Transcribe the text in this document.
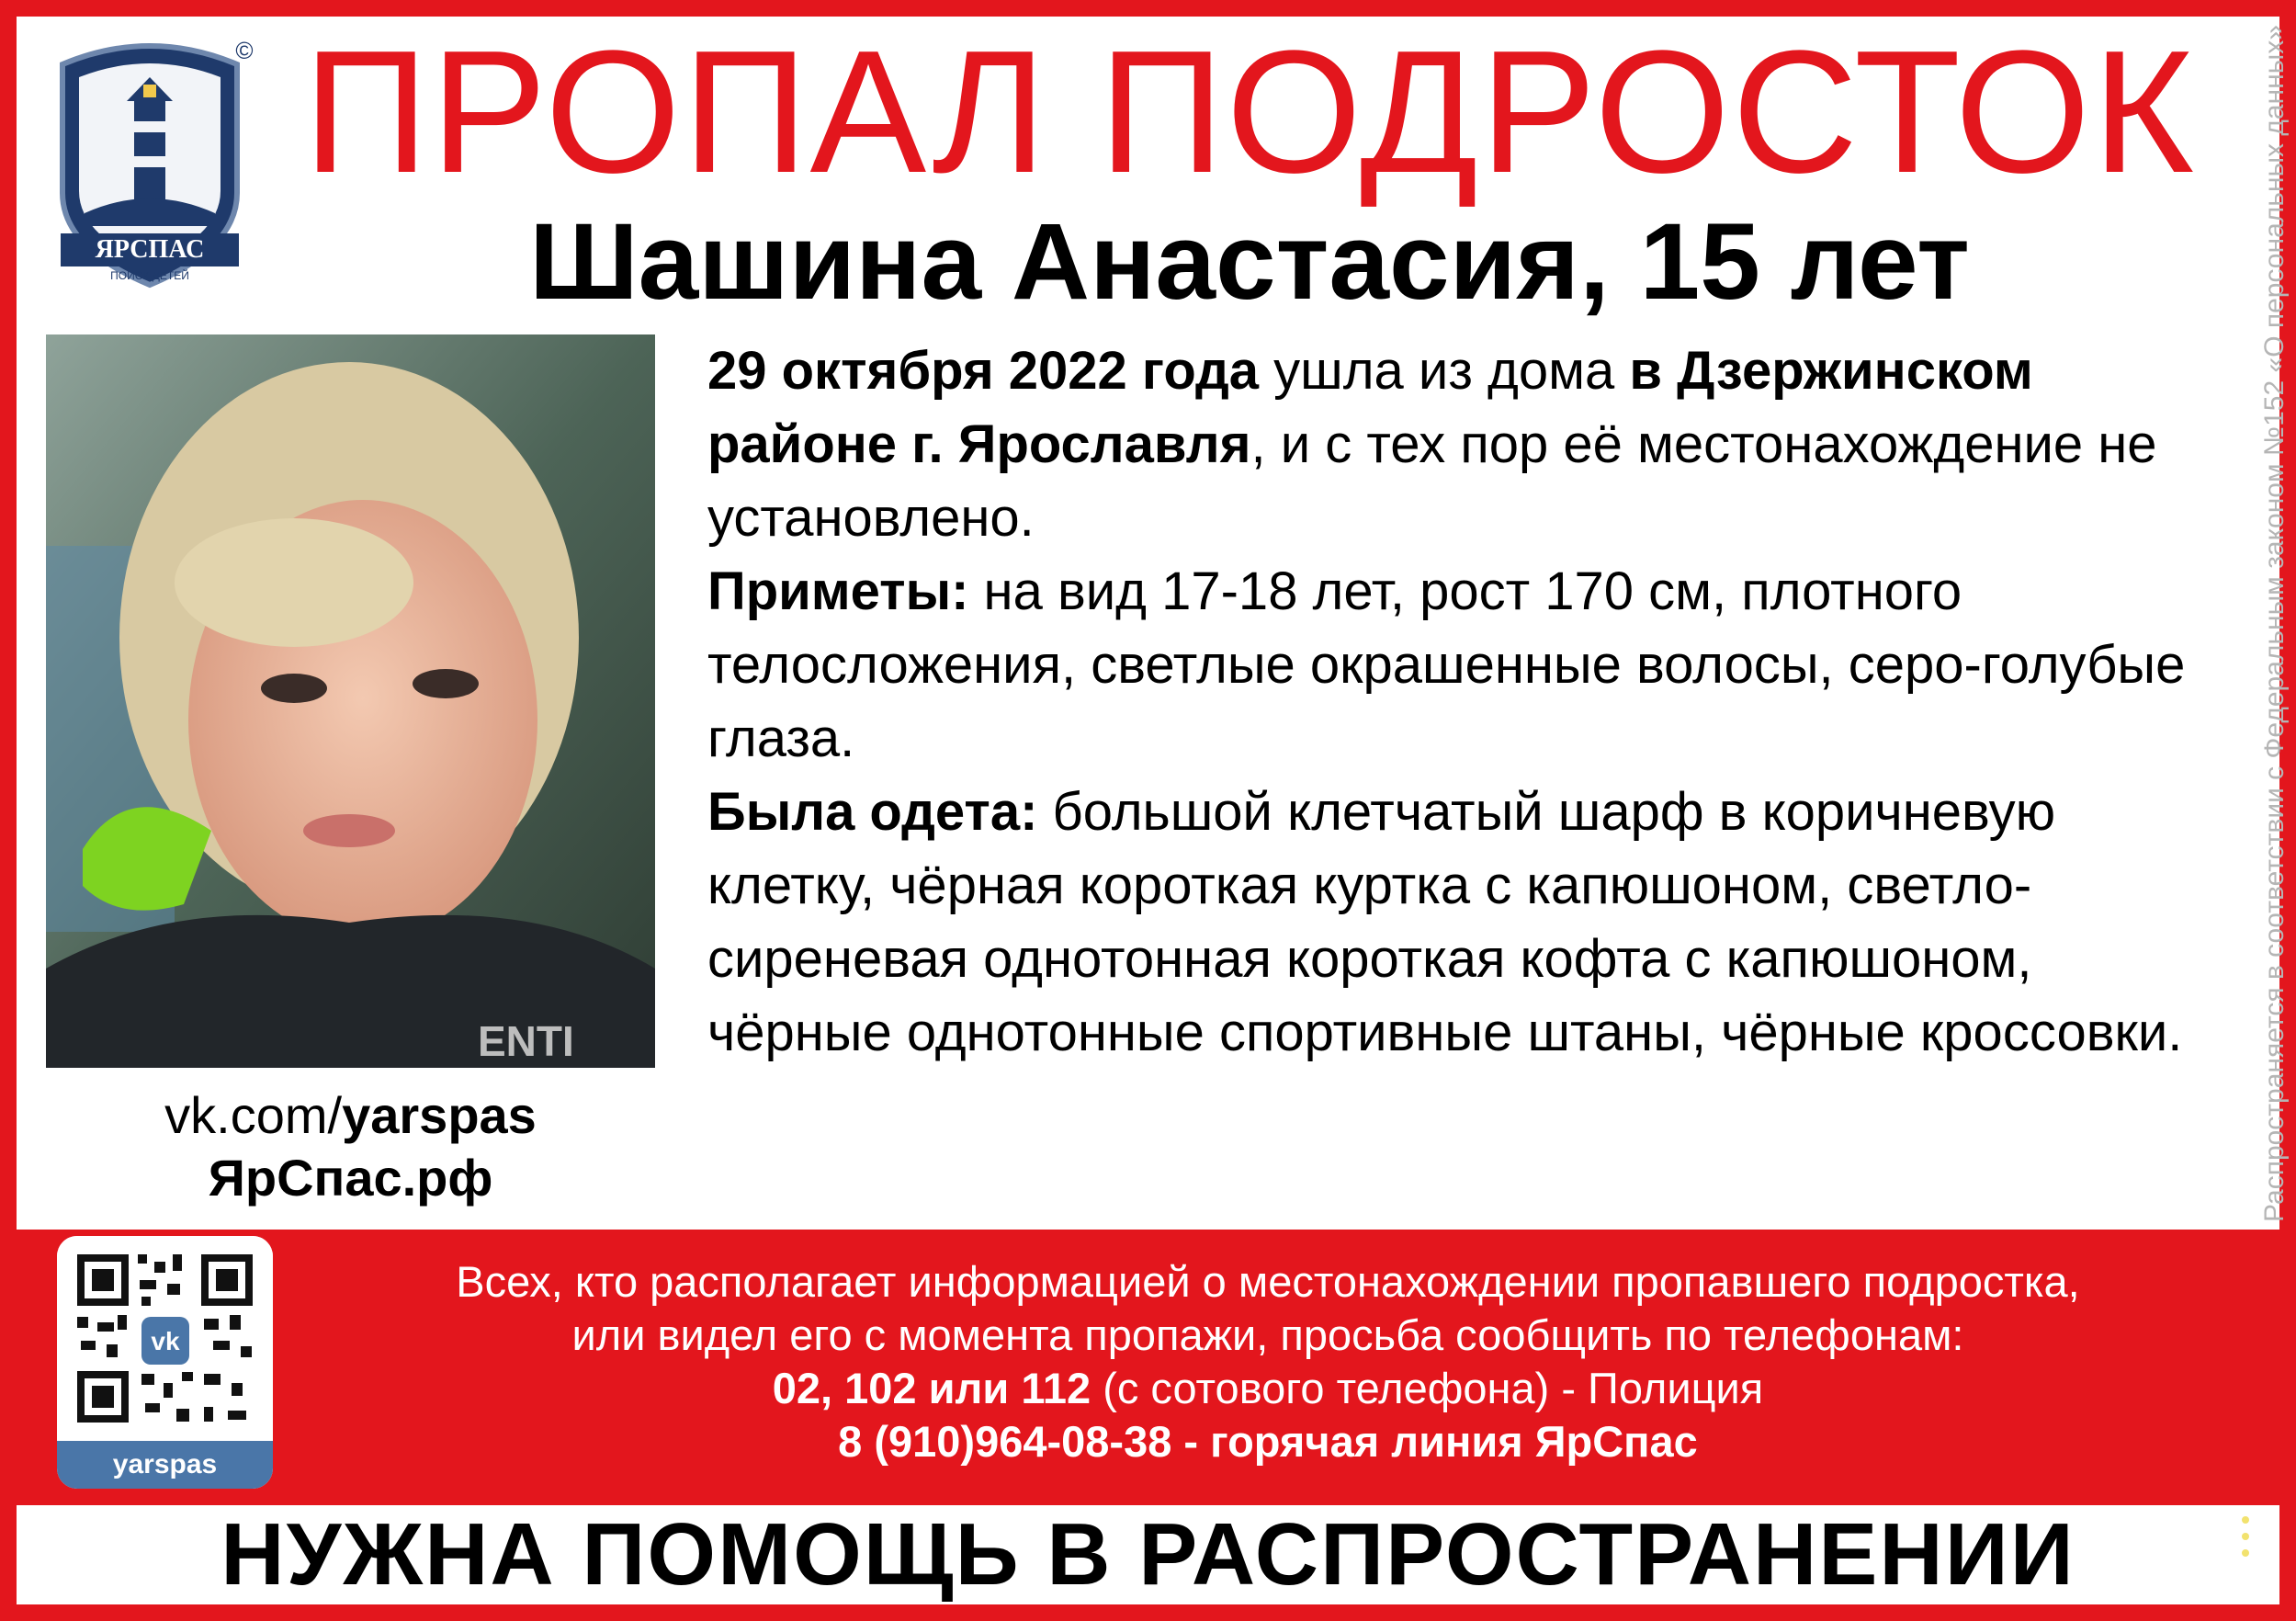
ЯРСПАС
ПОИСК ДЕТЕЙ
© ПРОПАЛ ПОДРОСТОК
Шашина Анастасия, 15 лет
ENTI
vk.com/yarspas
ЯрСпас.рф

29 октября 2022 года ушла из дома в Дзержинском районе г. Ярославля, и с тех пор её местонахождение не установлено.

Приметы: на вид 17-18 лет, рост 170 см, плотного телосложения, светлые окрашенные волосы, серо-голубые глаза.

Была одета: большой клетчатый шарф в коричневую клетку, чёрная короткая куртка с капюшоном, светло-сиреневая однотонная короткая кофта с капюшоном, чёрные однотонные спортивные штаны, чёрные кроссовки.	Распространяется в соответствии с Федеральным законом №152 «О персональных данных»
vk
yarspas

Всех, кто располагает информацией о местонахождении пропавшего подростка,

или видел его с момента пропажи, просьба сообщить по телефонам:

02, 102 или 112 (с сотового телефона) - Полиция

8 (910)964-08-38 - горячая линия ЯрСпас

НУЖНА ПОМОЩЬ В РАСПРОСТРАНЕНИИ
